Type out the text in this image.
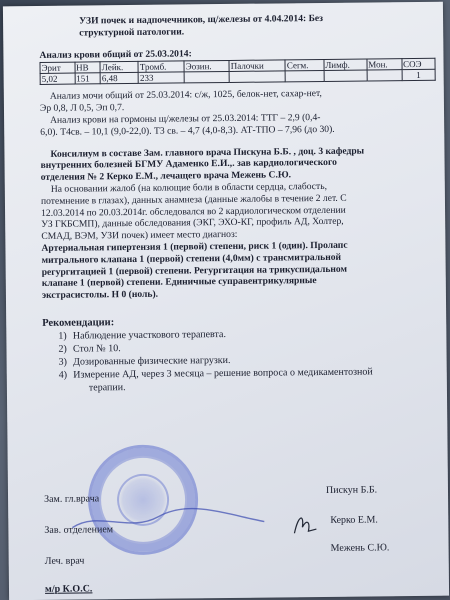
УЗИ почек и надпочечников, щ/железы от 4.04.2014: Без
структурной патологии.
Анализ крови общий от 25.03.2014:
Эрит	НВ	Лейк.	Тромб.	Эозин.	Палочки	Сегм.	Лимф.	Мон.	СОЭ
5,02	151	6,48	233						1
Анализ мочи общий от 25.03.2014: с/ж, 1025, белок-нет, сахар-нет,
Эр 0,8, Л 0,5, Эп 0,7.
Анализ крови на гормоны щ/железы от 25.03.2014: ТТГ – 2,9 (0,4-
6,0). Т4св. – 10,1 (9,0-22,0). Т3 св. – 4,7 (4,0-8,3). АТ-ТПО – 7,96 (до 30).
Консилиум в составе Зам. главного врача Пискуна Б.Б. , доц. 3 кафедры
внутренних болезней БГМУ Адаменко Е.И.,. зав кардиологического
отделения № 2 Керко Е.М., лечащего врача Межень С.Ю.
На основании жалоб (на колющие боли в области сердца, слабость,
потемнение в глазах), данных анамнеза (данные жалобы в течение 2 лет. С
12.03.2014 по 20.03.2014г. обследовался во 2 кардиологическом отделении
УЗ ГКБСМП), данные обследования (ЭКГ, ЭХО-КГ, профиль АД, Холтер,
СМАД, ВЭМ, УЗИ почек) имеет место диагноз:
Артериальная гипертензия 1 (первой) степени, риск 1 (один). Пролапс
митрального клапана 1 (первой) степени (4,0мм) с транcмитральной
регургитацией 1 (первой) степени. Регургитация на трикуспидальном
клапане 1 (первой) степени. Единичные суправентрикулярные
экстрасистолы. Н 0 (ноль).
Рекомендации:
1) Наблюдение участкового терапевта.
2) Стол № 10.
3) Дозированные физические нагрузки.
4) Измерение АД, через 3 месяца – решение вопроса о медикаментозной
терапии.
Зам. гл.врача
Пискун Б.Б.
Зав. отделением
Керко Е.М.
Леч. врач
Межень С.Ю.
м/р К.О.С.
